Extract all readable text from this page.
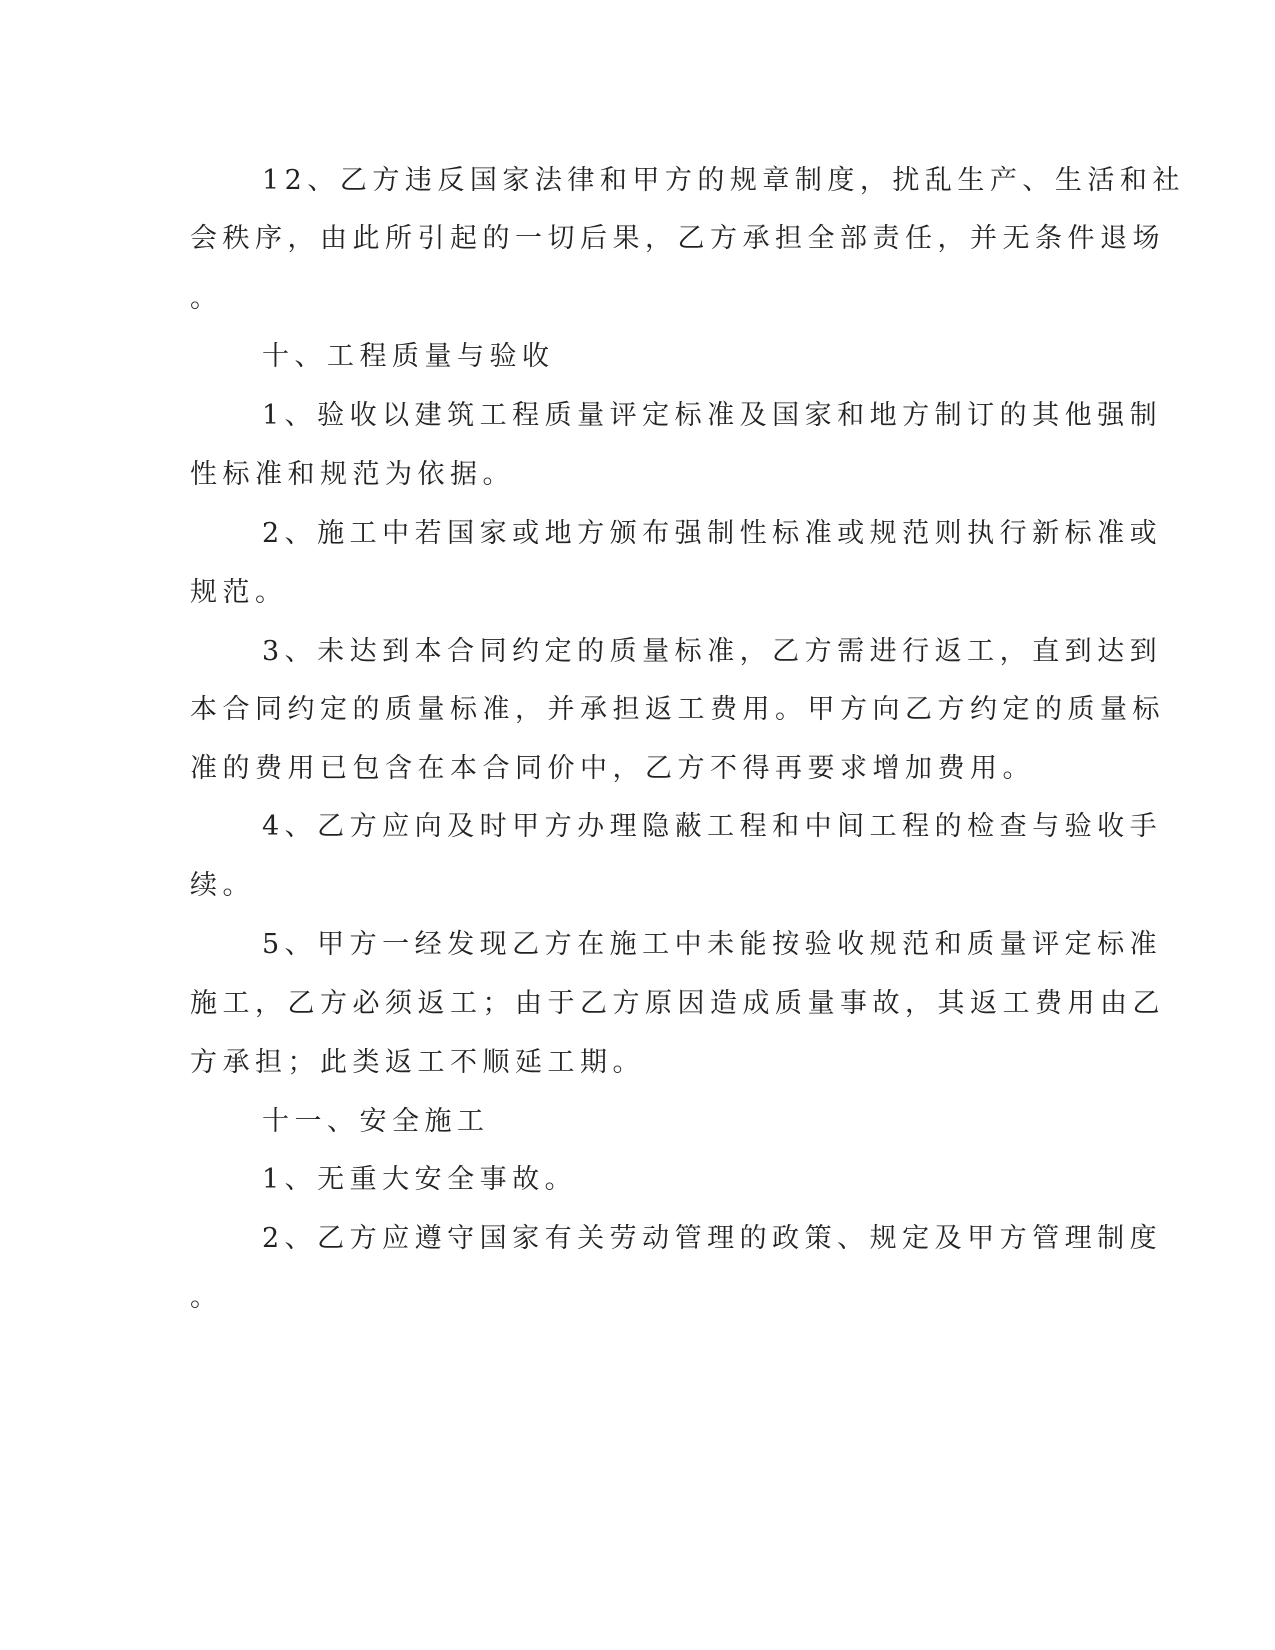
12、乙方违反国家法律和甲方的规章制度，扰乱生产、生活和社
会秩序，由此所引起的一切后果，乙方承担全部责任，并无条件退场
。
十、工程质量与验收
1、验收以建筑工程质量评定标准及国家和地方制订的其他强制
性标准和规范为依据。
2、施工中若国家或地方颁布强制性标准或规范则执行新标准或
规范。
3、未达到本合同约定的质量标准，乙方需进行返工，直到达到
本合同约定的质量标准，并承担返工费用。甲方向乙方约定的质量标
准的费用已包含在本合同价中，乙方不得再要求增加费用。
4、乙方应向及时甲方办理隐蔽工程和中间工程的检查与验收手
续。
5、甲方一经发现乙方在施工中未能按验收规范和质量评定标准
施工，乙方必须返工；由于乙方原因造成质量事故，其返工费用由乙
方承担；此类返工不顺延工期。
十一、安全施工
1、无重大安全事故。
2、乙方应遵守国家有关劳动管理的政策、规定及甲方管理制度
。
